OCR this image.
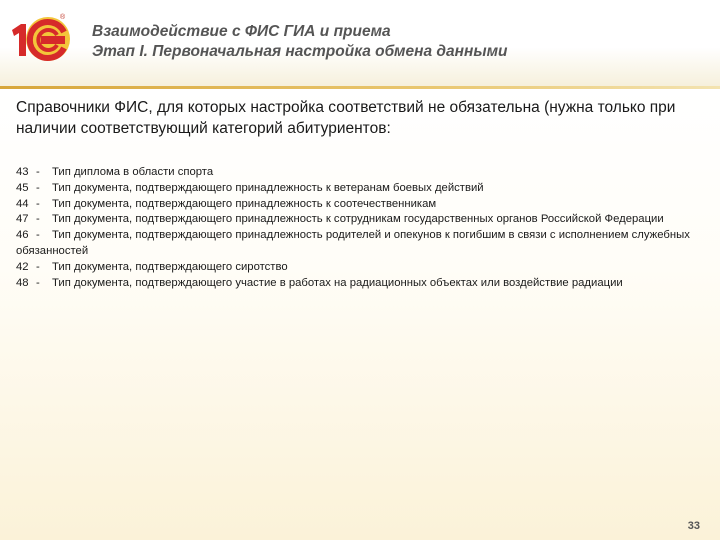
®
Взаимодействие с ФИС ГИА и приема
Этап I. Первоначальная настройка обмена данными

Справочники ФИС, для которых настройка соответствий не обязательна (нужна только при наличии соответствующий категорий абитуриентов:

43 - Тип диплома в области спорта
45 - Тип документа, подтверждающего принадлежность к ветеранам боевых действий
44 - Тип документа, подтверждающего принадлежность к соотечественникам
47 - Тип документа, подтверждающего принадлежность к сотрудникам государственных органов Российской Федерации
46 - Тип документа, подтверждающего принадлежность родителей и опекунов к погибшим в связи с исполнением служебных обязанностей
42 - Тип документа, подтверждающего сиротство
48 - Тип документа, подтверждающего участие в работах на радиационных объектах или воздействие радиации
33
